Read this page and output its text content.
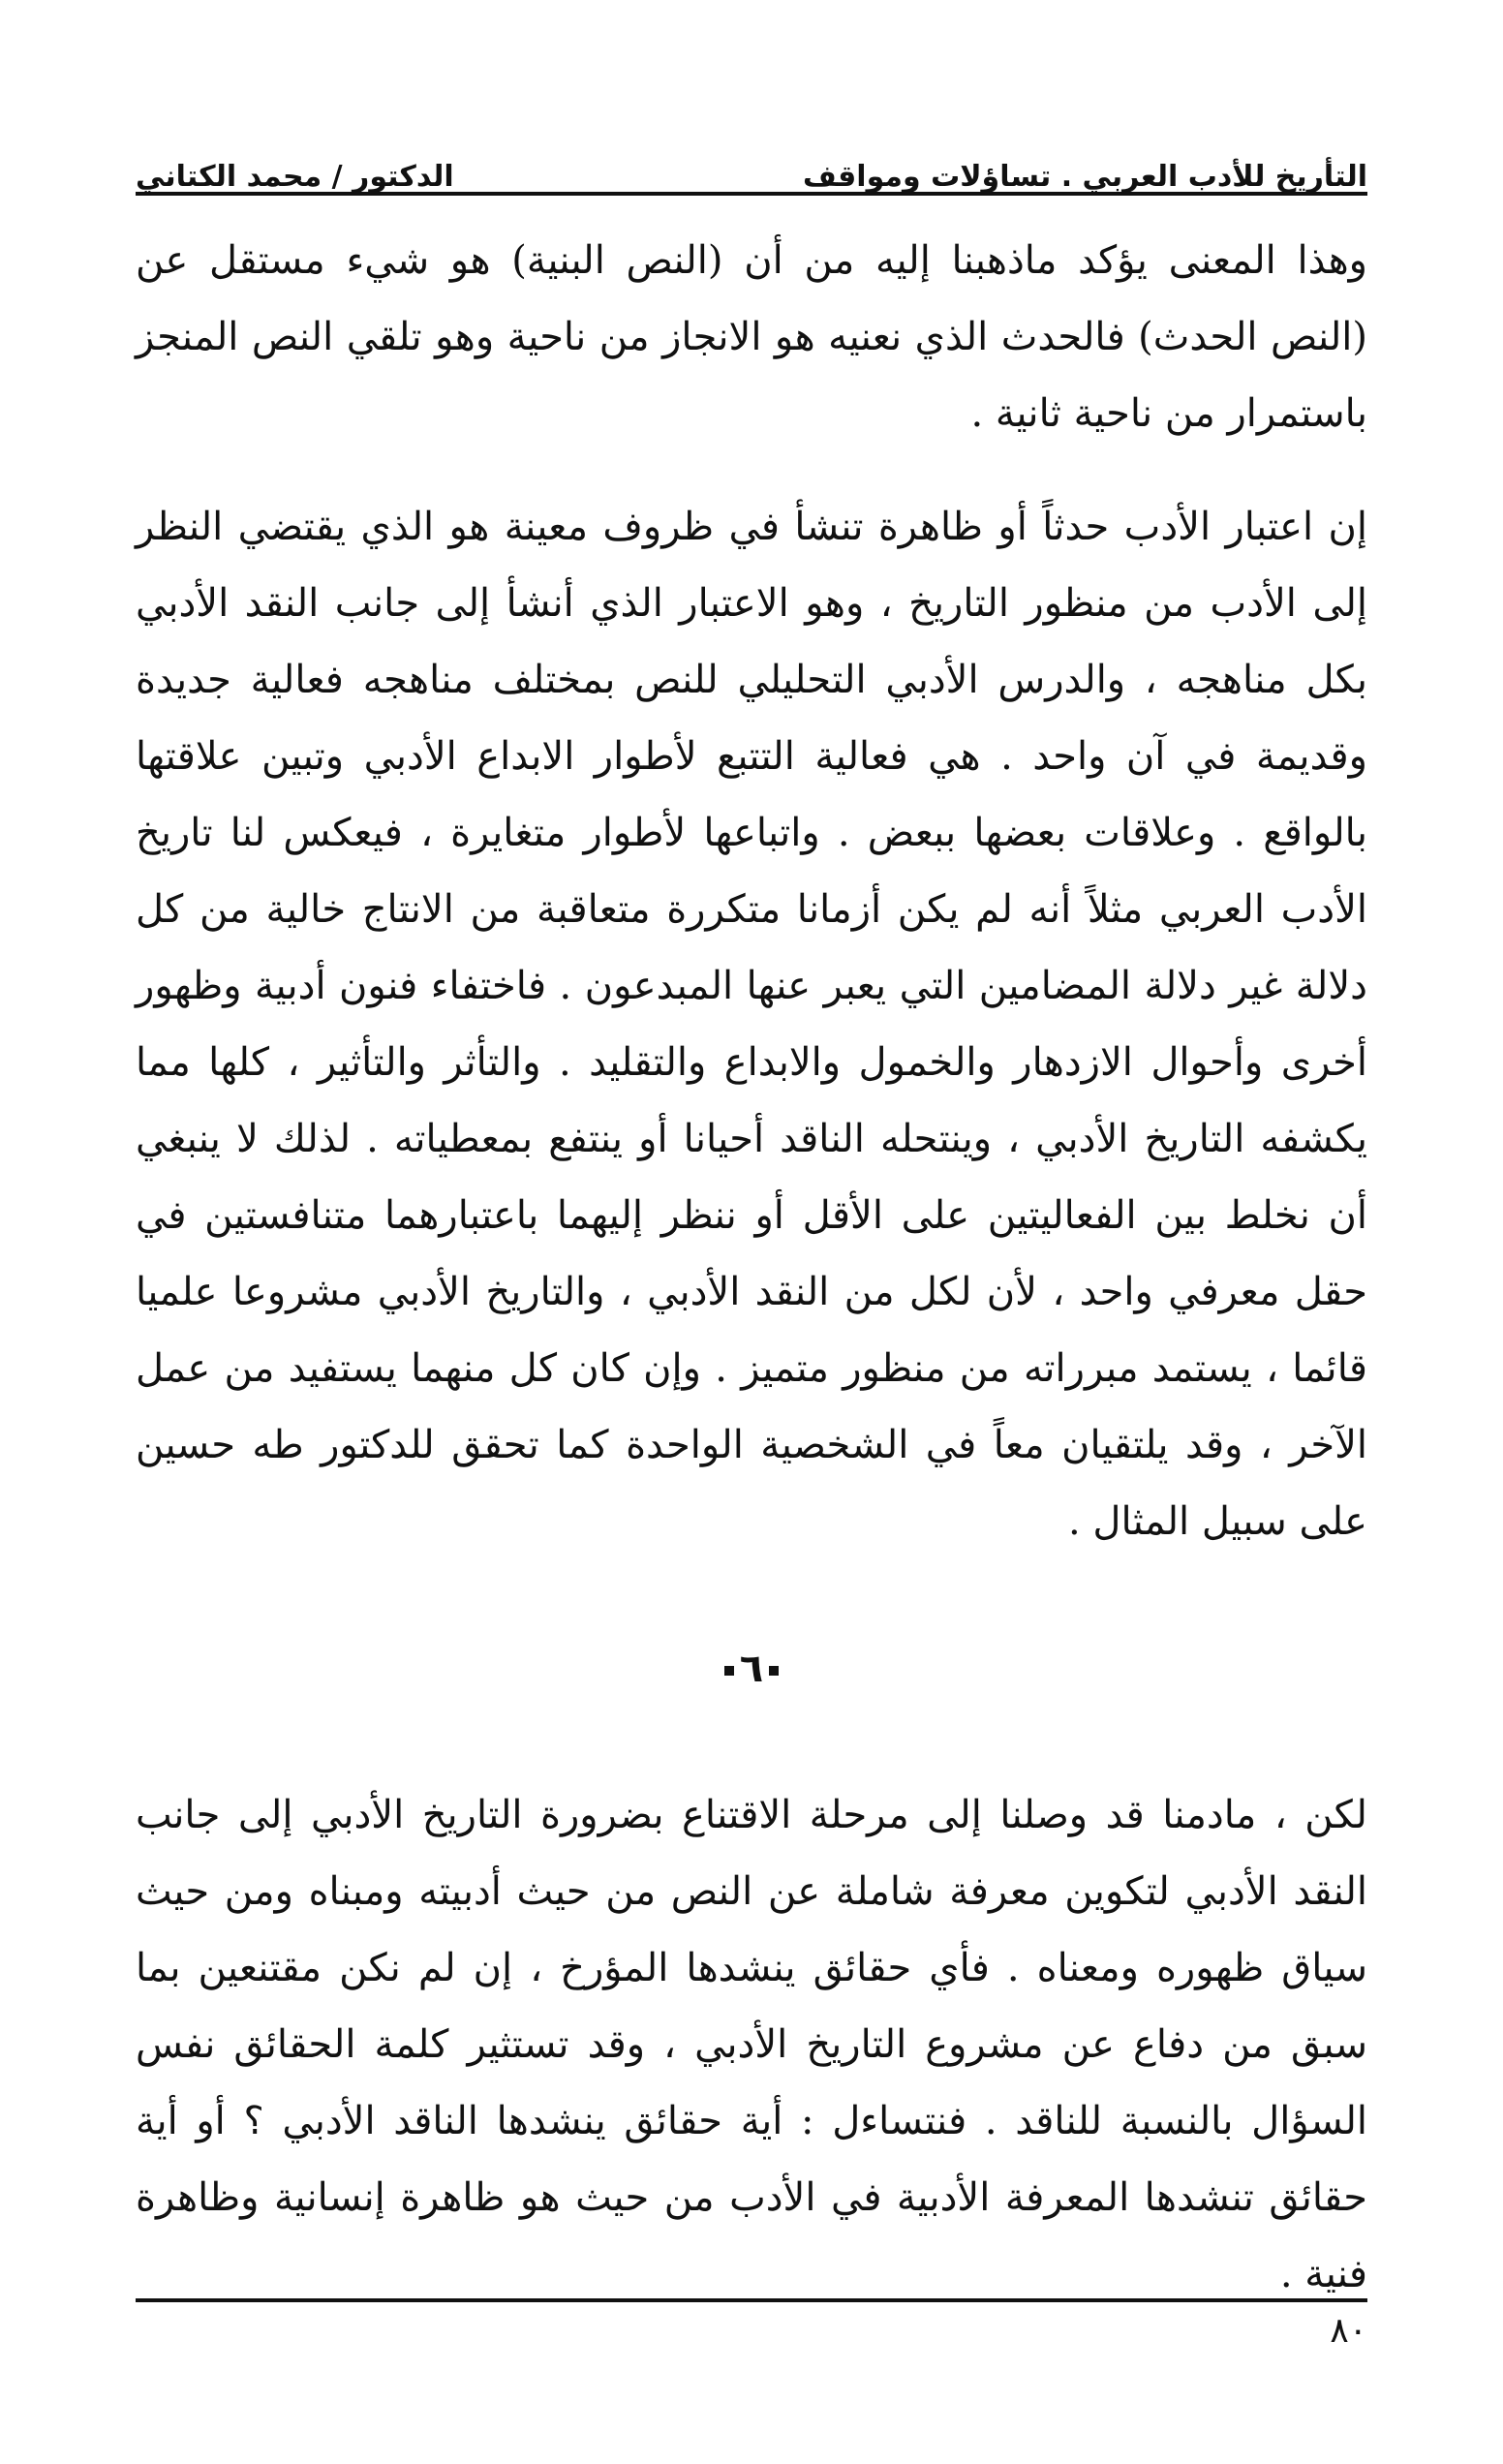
التأريخ للأدب العربي . تساؤلات ومواقف
الدكتور / محمد الكتاني

وهذا المعنى يؤكد ماذهبنا إليه من أن (النص البنية) هو شيء مستقل عن (النص الحدث) فالحدث الذي نعنيه هو الانجاز من ناحية وهو تلقي النص المنجز باستمرار من ناحية ثانية .

إن اعتبار الأدب حدثاً أو ظاهرة تنشأ في ظروف معينة هو الذي يقتضي النظر إلى الأدب من منظور التاريخ ، وهو الاعتبار الذي أنشأ إلى جانب النقد الأدبي بكل مناهجه ، والدرس الأدبي التحليلي للنص بمختلف مناهجه فعالية جديدة وقديمة في آن واحد . هي فعالية التتبع لأطوار الابداع الأدبي وتبين علاقتها بالواقع . وعلاقات بعضها ببعض . واتباعها لأطوار متغايرة ، فيعكس لنا تاريخ الأدب العربي مثلاً أنه لم يكن أزمانا متكررة متعاقبة من الانتاج خالية من كل دلالة غير دلالة المضامين التي يعبر عنها المبدعون . فاختفاء فنون أدبية وظهور أخرى وأحوال الازدهار والخمول والابداع والتقليد . والتأثر والتأثير ، كلها مما يكشفه التاريخ الأدبي ، وينتحله الناقد أحيانا أو ينتفع بمعطياته . لذلك لا ينبغي أن نخلط بين الفعاليتين على الأقل أو ننظر إليهما باعتبارهما متنافستين في حقل معرفي واحد ، لأن لكل من النقد الأدبي ، والتاريخ الأدبي مشروعا علميا قائما ، يستمد مبرراته من منظور متميز . وإن كان كل منهما يستفيد من عمل الآخر ، وقد يلتقيان معاً في الشخصية الواحدة كما تحقق للدكتور طه حسين على سبيل المثال .

٦

لكن ، مادمنا قد وصلنا إلى مرحلة الاقتناع بضرورة التاريخ الأدبي إلى جانب النقد الأدبي لتكوين معرفة شاملة عن النص من حيث أدبيته ومبناه ومن حيث سياق ظهوره ومعناه . فأي حقائق ينشدها المؤرخ ، إن لم نكن مقتنعين بما سبق من دفاع عن مشروع التاريخ الأدبي ، وقد تستثير كلمة الحقائق نفس السؤال بالنسبة للناقد . فنتساءل : أية حقائق ينشدها الناقد الأدبي ؟ أو أية حقائق تنشدها المعرفة الأدبية في الأدب من حيث هو ظاهرة إنسانية وظاهرة فنية .

٨٠
